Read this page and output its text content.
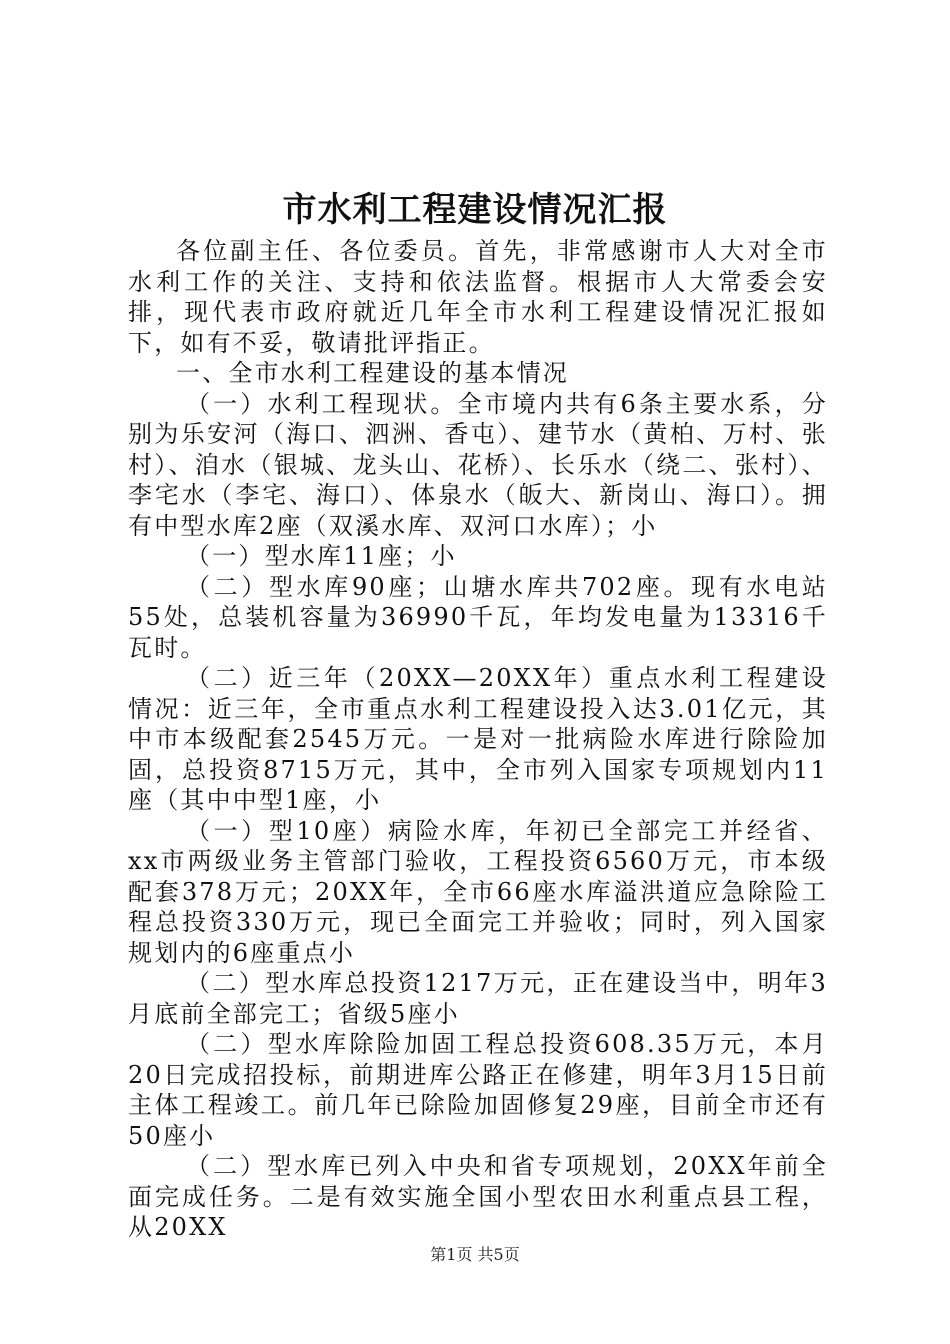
市水利工程建设情况汇报

各位副主任、各位委员。首先，非常感谢市人大对全市水利工作的关注、支持和依法监督。根据市人大常委会安排，现代表市政府就近几年全市水利工程建设情况汇报如下，如有不妥，敬请批评指正。

一、全市水利工程建设的基本情况

（一）水利工程现状。全市境内共有6条主要水系，分别为乐安河（海口、泗洲、香屯）、建节水（黄柏、万村、张村）、洎水（银城、龙头山、花桥）、长乐水（绕二、张村）、李宅水（李宅、海口）、体泉水（皈大、新岗山、海口）。拥有中型水库2座（双溪水库、双河口水库）；小

（一）型水库11座；小

（二）型水库90座；山塘水库共702座。现有水电站55处，总装机容量为36990千瓦，年均发电量为13316千瓦时。

（二）近三年（20XX—20XX年）重点水利工程建设情况：近三年，全市重点水利工程建设投入达3.01亿元，其中市本级配套2545万元。一是对一批病险水库进行除险加固，总投资8715万元，其中，全市列入国家专项规划内11座（其中中型1座，小

（一）型10座）病险水库，年初已全部完工并经省、xx市两级业务主管部门验收，工程投资6560万元，市本级配套378万元；20XX年，全市66座水库溢洪道应急除险工程总投资330万元，现已全面完工并验收；同时，列入国家规划内的6座重点小

（二）型水库总投资1217万元，正在建设当中，明年3月底前全部完工；省级5座小

（二）型水库除险加固工程总投资608.35万元，本月20日完成招投标，前期进库公路正在修建，明年3月15日前主体工程竣工。前几年已除险加固修复29座，目前全市还有50座小

（二）型水库已列入中央和省专项规划，20XX年前全面完成任务。二是有效实施全国小型农田水利重点县工程，从20XX

第1页 共5页
